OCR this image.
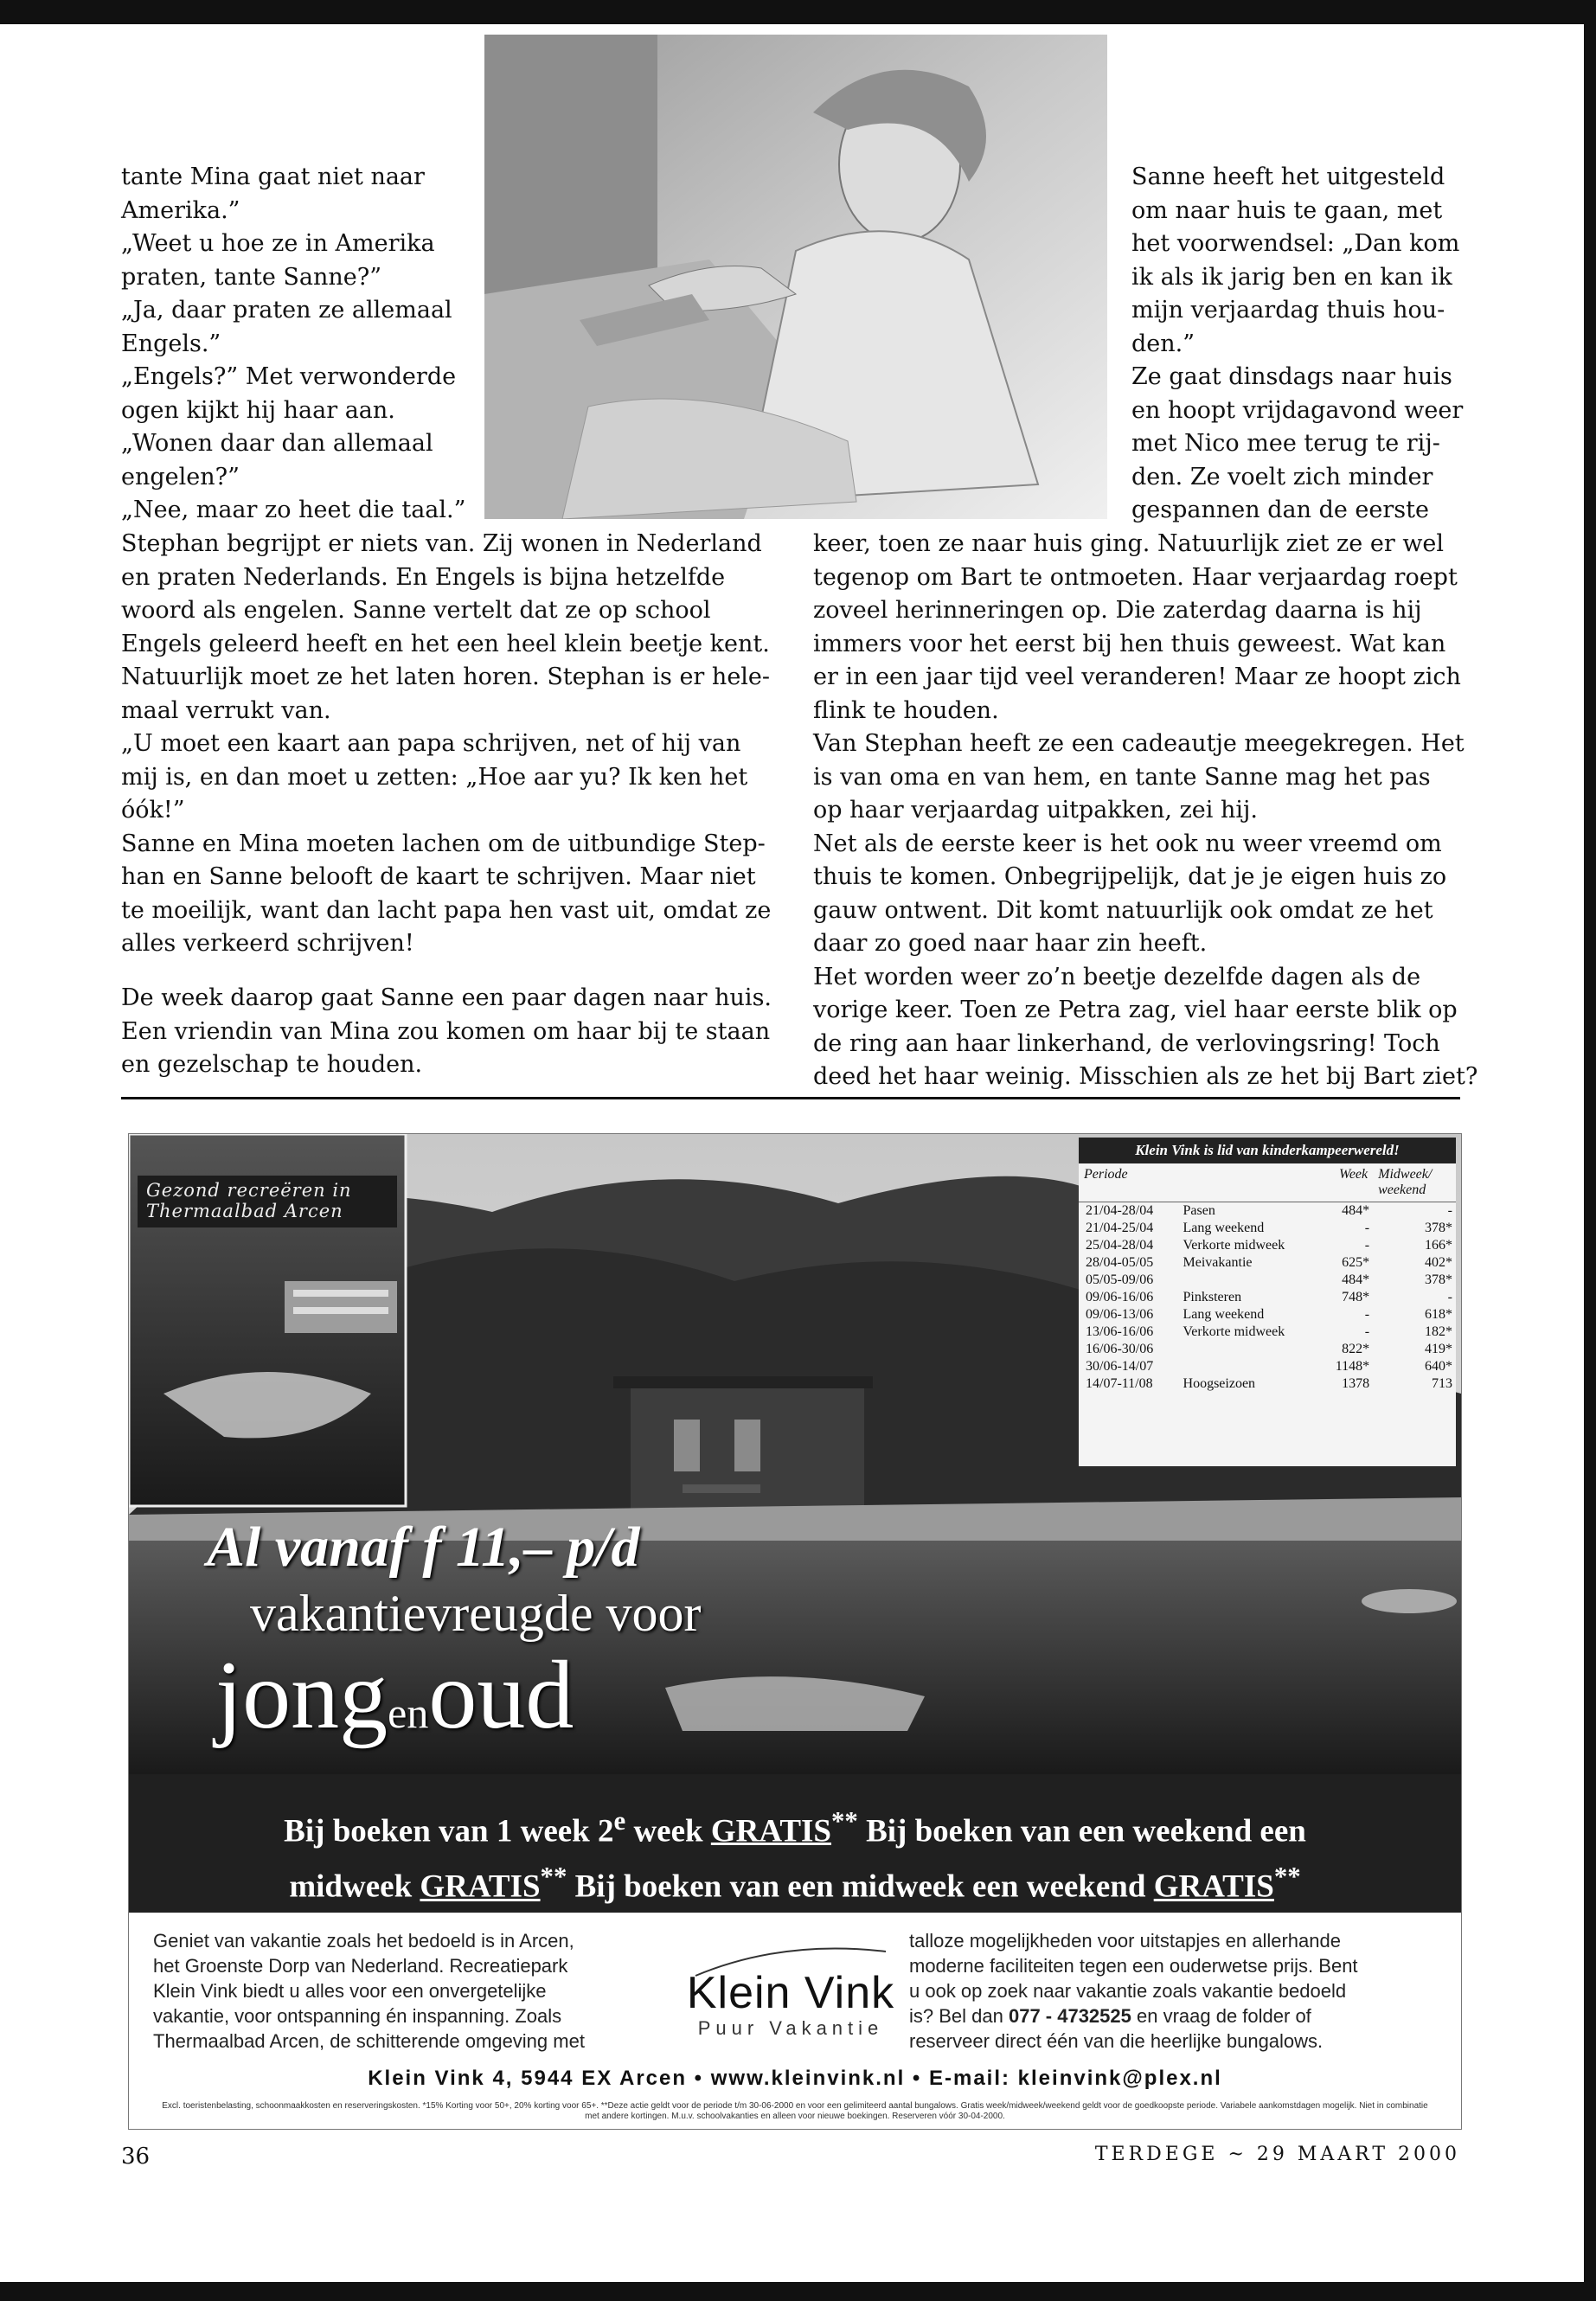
tante Mina gaat niet naar
Amerika.”
„Weet u hoe ze in Amerika
praten, tante Sanne?”
„Ja, daar praten ze allemaal
Engels.”
„Engels?” Met verwonderde
ogen kijkt hij haar aan.
„Wonen daar dan allemaal
engelen?”
„Nee, maar zo heet die taal.”

Stephan begrijpt er niets van. Zij wonen in Nederland
en praten Nederlands. En Engels is bijna hetzelfde
woord als engelen. Sanne vertelt dat ze op school
Engels geleerd heeft en het een heel klein beetje kent.
Natuurlijk moet ze het laten horen. Stephan is er hele-
maal verrukt van.
„U moet een kaart aan papa schrijven, net of hij van
mij is, en dan moet u zetten: „Hoe aar yu? Ik ken het
óók!”
Sanne en Mina moeten lachen om de uitbundige Step-
han en Sanne belooft de kaart te schrijven. Maar niet
te moeilijk, want dan lacht papa hen vast uit, omdat ze
alles verkeerd schrijven!

De week daarop gaat Sanne een paar dagen naar huis.
Een vriendin van Mina zou komen om haar bij te staan
en gezelschap te houden.

Sanne heeft het uitgesteld
om naar huis te gaan, met
het voorwendsel: „Dan kom
ik als ik jarig ben en kan ik
mijn verjaardag thuis hou-
den.”
Ze gaat dinsdags naar huis
en hoopt vrijdagavond weer
met Nico mee terug te rij-
den. Ze voelt zich minder
gespannen dan de eerste

keer, toen ze naar huis ging. Natuurlijk ziet ze er wel
tegenop om Bart te ontmoeten. Haar verjaardag roept
zoveel herinneringen op. Die zaterdag daarna is hij
immers voor het eerst bij hen thuis geweest. Wat kan
er in een jaar tijd veel veranderen! Maar ze hoopt zich
flink te houden.
Van Stephan heeft ze een cadeautje meegekregen. Het
is van oma en van hem, en tante Sanne mag het pas
op haar verjaardag uitpakken, zei hij.
Net als de eerste keer is het ook nu weer vreemd om
thuis te komen. Onbegrijpelijk, dat je je eigen huis zo
gauw ontwent. Dit komt natuurlijk ook omdat ze het
daar zo goed naar haar zin heeft.
Het worden weer zo’n beetje dezelfde dagen als de
vorige keer. Toen ze Petra zag, viel haar eerste blik op
de ring aan haar linkerhand, de verlovingsring! Toch
deed het haar weinig. Misschien als ze het bij Bart ziet?

Gezond recreëren in
Thermaalbad Arcen
Klein Vink is lid van kinderkampeerwereld!
Periode		Week	Midweek/
weekend
21/04-28/04	Pasen	484*	-
21/04-25/04	Lang weekend	-	378*
25/04-28/04	Verkorte midweek	-	166*
28/04-05/05	Meivakantie	625*	402*
05/05-09/06		484*	378*
09/06-16/06	Pinksteren	748*	-
09/06-13/06	Lang weekend	-	618*
13/06-16/06	Verkorte midweek	-	182*
16/06-30/06		822*	419*
30/06-14/07		1148*	640*
14/07-11/08	Hoogseizoen	1378	713
Al vanaf f 11,– p/d
vakantievreugde voor
jongenoud
Bij boeken van 1 week 2e week GRATIS** Bij boeken van een weekend een
midweek GRATIS** Bij boeken van een midweek een weekend GRATIS**
Geniet van vakantie zoals het bedoeld is in Arcen,
het Groenste Dorp van Nederland. Recreatiepark
Klein Vink biedt u alles voor een onvergetelijke
vakantie, voor ontspanning én inspanning. Zoals
Thermaalbad Arcen, de schitterende omgeving met
talloze mogelijkheden voor uitstapjes en allerhande
moderne faciliteiten tegen een ouderwetse prijs. Bent
u ook op zoek naar vakantie zoals vakantie bedoeld
is? Bel dan 077 - 4732525 en vraag de folder of
reserveer direct één van die heerlijke bungalows.
Klein Vink
Puur Vakantie
Klein Vink 4, 5944 EX Arcen • www.kleinvink.nl • E-mail: kleinvink@plex.nl
Excl. toeristenbelasting, schoonmaakkosten en reserveringskosten. *15% Korting voor 50+, 20% korting voor 65+. **Deze actie geldt voor de periode t/m 30-06-2000 en voor een gelimiteerd aantal bungalows. Gratis week/midweek/weekend geldt voor de goedkoopste periode. Variabele aankomstdagen mogelijk. Niet in combinatie met andere kortingen. M.u.v. schoolvakanties en alleen voor nieuwe boekingen. Reserveren vóór 30-04-2000.
36	TERDEGE ~ 29 MAART 2000
